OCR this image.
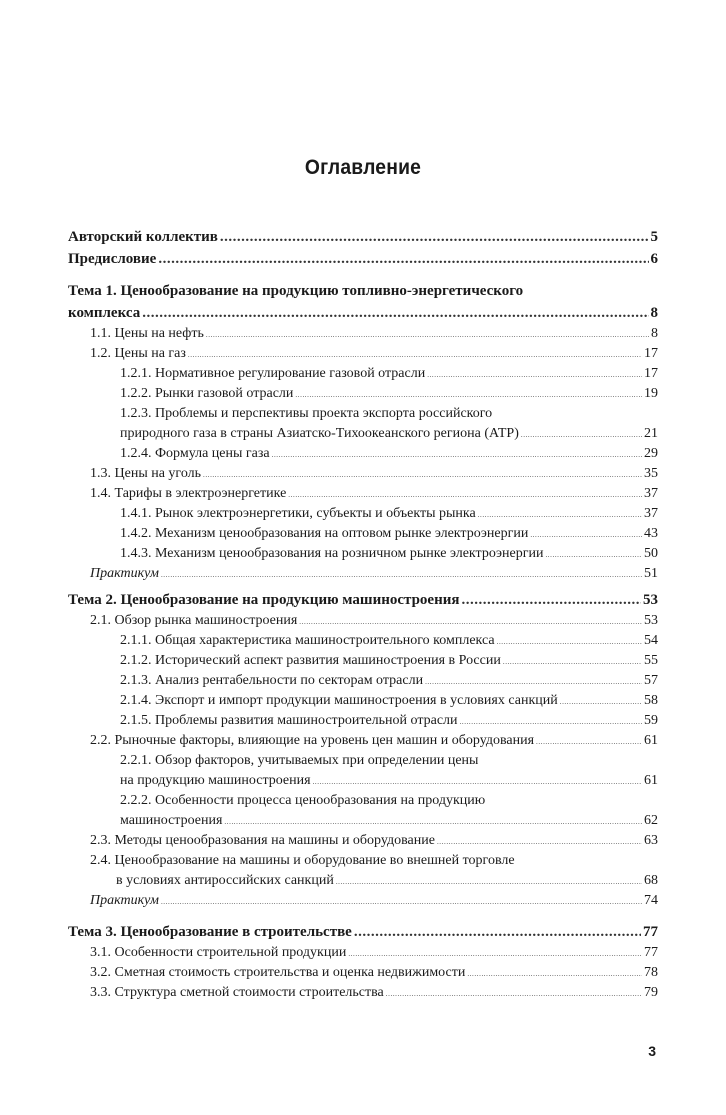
Оглавление
Авторский коллектив .....	5
Предисловие .....	6
Тема 1. Ценообразование на продукцию топливно-энергетического
комплекса .....	8
1.1. Цены на нефть .....	8
1.2. Цены на газ .....	17
1.2.1. Нормативное регулирование газовой отрасли .....	17
1.2.2. Рынки газовой отрасли .....	19
1.2.3. Проблемы и перспективы проекта экспорта российского
природного газа в страны Азиатско-Тихоокеанского региона (АТР) .....	21
1.2.4. Формула цены газа .....	29
1.3. Цены на уголь .....	35
1.4. Тарифы в электроэнергетике .....	37
1.4.1. Рынок электроэнергетики, субъекты и объекты рынка .....	37
1.4.2. Механизм ценообразования на оптовом рынке электроэнергии .....	43
1.4.3. Механизм ценообразования на розничном рынке электроэнергии .....	50
Практикум .....	51
Тема 2. Ценообразование на продукцию машиностроения .....	53
2.1. Обзор рынка машиностроения .....	53
2.1.1. Общая характеристика машиностроительного комплекса .....	54
2.1.2. Исторический аспект развития машиностроения в России .....	55
2.1.3. Анализ рентабельности по секторам отрасли .....	57
2.1.4. Экспорт и импорт продукции машиностроения в условиях санкций .....	58
2.1.5. Проблемы развития машиностроительной отрасли .....	59
2.2. Рыночные факторы, влияющие на уровень цен машин и оборудования .....	61
2.2.1. Обзор факторов, учитываемых при определении цены
на продукцию машиностроения .....	61
2.2.2. Особенности процесса ценообразования на продукцию
машиностроения .....	62
2.3. Методы ценообразования на машины и оборудование .....	63
2.4. Ценообразование на машины и оборудование во внешней торговле
в условиях антироссийских санкций .....	68
Практикум .....	74
Тема 3. Ценообразование в строительстве .....	77
3.1. Особенности строительной продукции .....	77
3.2. Сметная стоимость строительства и оценка недвижимости .....	78
3.3. Структура сметной стоимости строительства .....	79
3
